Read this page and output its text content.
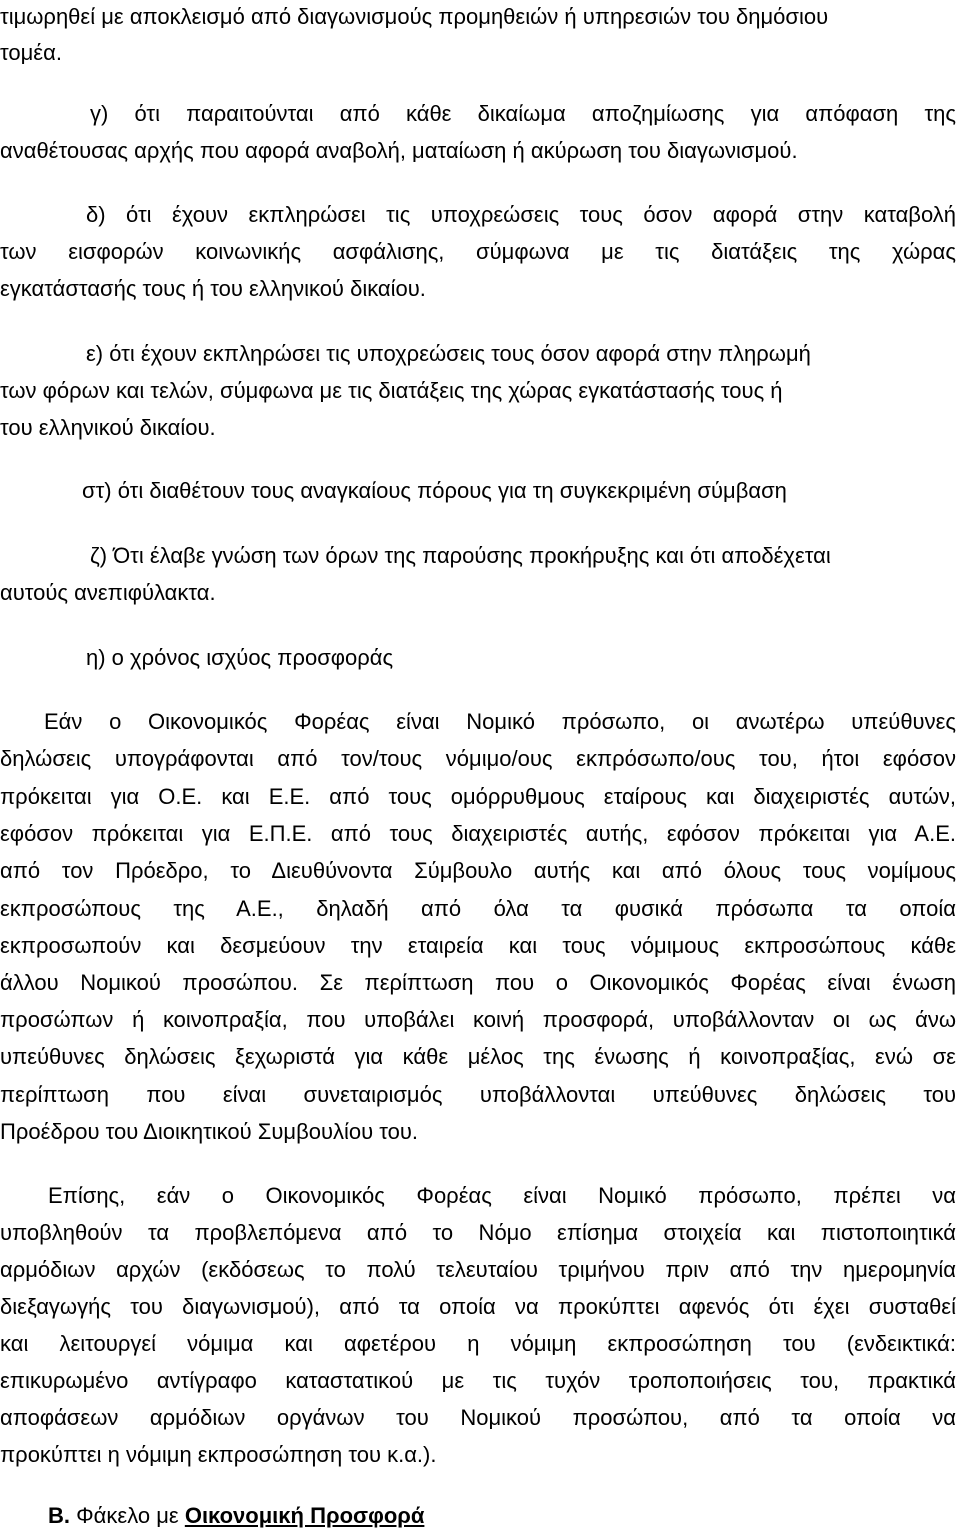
τιμωρηθεί με αποκλεισμό από διαγωνισμούς προμηθειών ή υπηρεσιών του δημόσιου
τομέα.
γ) ότι παραιτούνται από κάθε δικαίωμα αποζημίωσης για απόφαση της
αναθέτουσας αρχής που αφορά αναβολή, ματαίωση ή ακύρωση του διαγωνισμού.
δ) ότι έχουν εκπληρώσει τις υποχρεώσεις τους όσον αφορά στην καταβολή
των εισφορών κοινωνικής ασφάλισης, σύμφωνα με τις διατάξεις της χώρας
εγκατάστασής τους ή του ελληνικού δικαίου.
ε) ότι έχουν εκπληρώσει τις υποχρεώσεις τους όσον αφορά στην πληρωμή
των φόρων και τελών, σύμφωνα με τις διατάξεις της χώρας εγκατάστασής τους ή
του ελληνικού δικαίου.
στ) ότι διαθέτουν τους αναγκαίους πόρους για τη συγκεκριμένη σύμβαση
ζ) Ότι έλαβε γνώση των όρων της παρούσης προκήρυξης και ότι αποδέχεται
αυτούς ανεπιφύλακτα.
η) ο χρόνος ισχύος προσφοράς
Εάν ο Οικονομικός Φορέας είναι Νομικό πρόσωπο, οι ανωτέρω υπεύθυνες
δηλώσεις υπογράφονται από τον/τους νόμιμο/ους εκπρόσωπο/ους του, ήτοι εφόσον
πρόκειται για Ο.Ε. και Ε.Ε. από τους ομόρρυθμους εταίρους και διαχειριστές αυτών,
εφόσον πρόκειται για Ε.Π.Ε. από τους διαχειριστές αυτής, εφόσον πρόκειται για Α.Ε.
από τον Πρόεδρο, το Διευθύνοντα Σύμβουλο αυτής και από όλους τους νομίμους
εκπροσώπους της Α.Ε., δηλαδή από όλα τα φυσικά πρόσωπα τα οποία
εκπροσωπούν και δεσμεύουν την εταιρεία και τους νόμιμους εκπροσώπους κάθε
άλλου Νομικού προσώπου. Σε περίπτωση που ο Οικονομικός Φορέας είναι ένωση
προσώπων ή κοινοπραξία, που υποβάλει κοινή προσφορά, υποβάλλονταν οι ως άνω
υπεύθυνες δηλώσεις ξεχωριστά για κάθε μέλος της ένωσης ή κοινοπραξίας, ενώ σε
περίπτωση που είναι συνεταιρισμός υποβάλλονται υπεύθυνες δηλώσεις του
Προέδρου του Διοικητικού Συμβουλίου του.
Επίσης, εάν ο Οικονομικός Φορέας είναι Νομικό πρόσωπο, πρέπει να
υποβληθούν τα προβλεπόμενα από το Νόμο επίσημα στοιχεία και πιστοποιητικά
αρμόδιων αρχών (εκδόσεως το πολύ τελευταίου τριμήνου πριν από την ημερομηνία
διεξαγωγής του διαγωνισμού), από τα οποία να προκύπτει αφενός ότι έχει συσταθεί
και λειτουργεί νόμιμα και αφετέρου η νόμιμη εκπροσώπηση του (ενδεικτικά:
επικυρωμένο αντίγραφο καταστατικού με τις τυχόν τροποποιήσεις του, πρακτικά
αποφάσεων αρμόδιων οργάνων του Νομικού προσώπου, από τα οποία να
προκύπτει η νόμιμη εκπροσώπηση του κ.α.).
Β. Φάκελο με Οικονομική Προσφορά
